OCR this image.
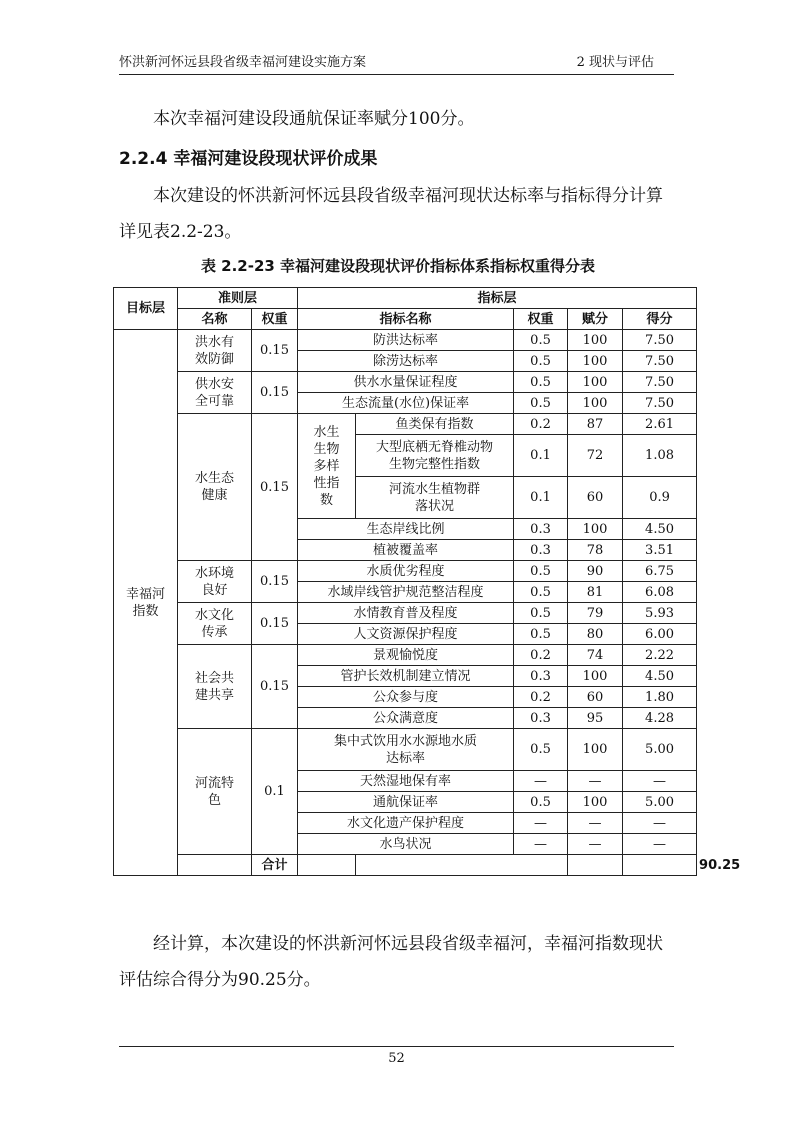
怀洪新河怀远县段省级幸福河建设实施方案	2 现状与评估
本次幸福河建设段通航保证率赋分100分。
2.2.4 幸福河建设段现状评价成果
本次建设的怀洪新河怀远县段省级幸福河现状达标率与指标得分计算详见表2.2-23。
表 2.2-23 幸福河建设段现状评价指标体系指标权重得分表
目标层	准则层		指标层					
	名称	权重	指标名称		权重	赋分	得分	

幸福河指数	洪水有效防御	0.15	防洪达标率		0.5	100	7.50	
			除涝达标率		0.5	100	7.50	

	供水安全可靠	0.15	供水水量保证程度		0.5	100	7.50	
			生态流量(水位)保证率		0.5	100	7.50	

	水生态健康	0.15	水生生物多样性指数	鱼类保有指数	0.2	87	2.61	

				大型底栖无脊椎动物生物完整性指数	0.1	72	1.08	

				河流水生植物群落状况	0.1	60	0.9	
			生态岸线比例		0.3	100	4.50	
			植被覆盖率		0.3	78	3.51	

	水环境良好	0.15	水质优劣程度		0.5	90	6.75	
			水域岸线管护规范整洁程度		0.5	81	6.08	

	水文化传承	0.15	水情教育普及程度		0.5	79	5.93	
			人文资源保护程度		0.5	80	6.00	

	社会共建共享	0.15	景观愉悦度		0.2	74	2.22	
			管护长效机制建立情况		0.3	100	4.50	
			公众参与度		0.2	60	1.80	
			公众满意度		0.3	95	4.28	

	河流特色	0.1	集中式饮用水水源地水质达标率		0.5	100	5.00	
			天然湿地保有率		—	—	—	
			通航保证率		0.5	100	5.00	
			水文化遗产保护程度		—	—	—	
			水鸟状况		—	—	—	
		合计						90.25
经计算，本次建设的怀洪新河怀远县段省级幸福河，幸福河指数现状评估综合得分为90.25分。
52
